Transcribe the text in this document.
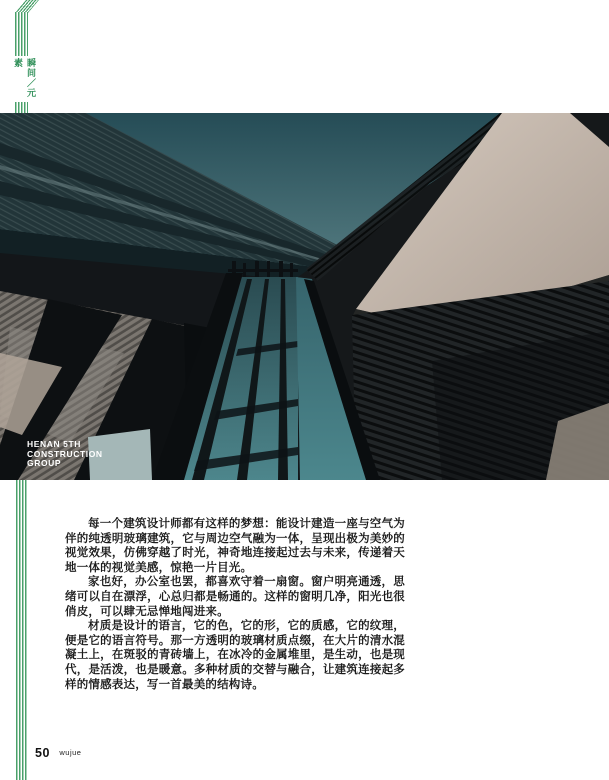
瞬间／元素
HENAN 5TH
CONSTRUCTION
GROUP

每一个建筑设计师都有这样的梦想：能设计建造一座与空气为伴的纯透明玻璃建筑，它与周边空气融为一体，呈现出极为美妙的视觉效果，仿佛穿越了时光，神奇地连接起过去与未来，传递着天地一体的视觉美感，惊艳一片目光。

家也好，办公室也罢，都喜欢守着一扇窗。窗户明亮通透，思绪可以自在漂浮，心总归都是畅通的。这样的窗明几净，阳光也很俏皮，可以肆无忌惮地闯进来。

材质是设计的语言，它的色，它的形，它的质感，它的纹理，便是它的语言符号。那一方透明的玻璃材质点缀，在大片的清水混凝土上，在斑驳的青砖墙上，在冰冷的金属堆里，是生动，也是现代，是活泼，也是暖意。多种材质的交替与融合，让建筑连接起多样的情感表达，写一首最美的结构诗。

50 wujue
